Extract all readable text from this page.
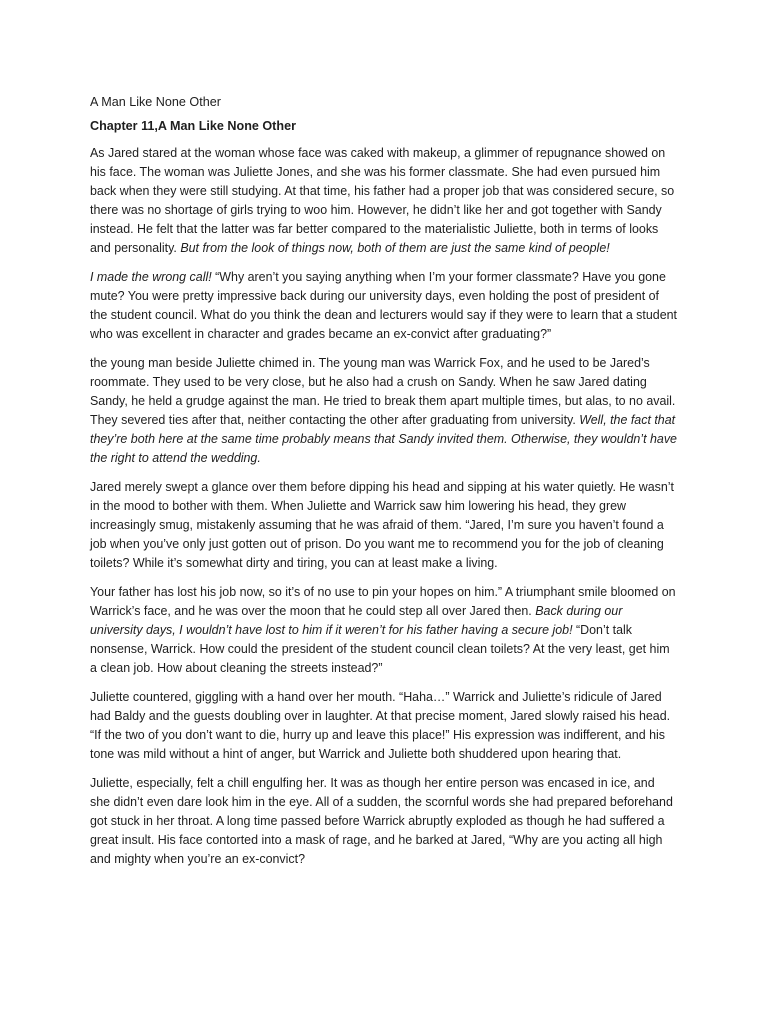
A Man Like None Other

Chapter 11,A Man Like None Other

As Jared stared at the woman whose face was caked with makeup, a glimmer of repugnance showed on his face. The woman was Juliette Jones, and she was his former classmate. She had even pursued him back when they were still studying. At that time, his father had a proper job that was considered secure, so there was no shortage of girls trying to woo him. However, he didn’t like her and got together with Sandy instead. He felt that the latter was far better compared to the materialistic Juliette, both in terms of looks and personality. But from the look of things now, both of them are just the same kind of people!

I made the wrong call! “Why aren’t you saying anything when I’m your former classmate? Have you gone mute? You were pretty impressive back during our university days, even holding the post of president of the student council. What do you think the dean and lecturers would say if they were to learn that a student who was excellent in character and grades became an ex-convict after graduating?”

the young man beside Juliette chimed in. The young man was Warrick Fox, and he used to be Jared’s roommate. They used to be very close, but he also had a crush on Sandy. When he saw Jared dating Sandy, he held a grudge against the man. He tried to break them apart multiple times, but alas, to no avail. They severed ties after that, neither contacting the other after graduating from university. Well, the fact that they’re both here at the same time probably means that Sandy invited them. Otherwise, they wouldn’t have the right to attend the wedding.

Jared merely swept a glance over them before dipping his head and sipping at his water quietly. He wasn’t in the mood to bother with them. When Juliette and Warrick saw him lowering his head, they grew increasingly smug, mistakenly assuming that he was afraid of them. “Jared, I’m sure you haven’t found a job when you’ve only just gotten out of prison. Do you want me to recommend you for the job of cleaning toilets? While it’s somewhat dirty and tiring, you can at least make a living.

Your father has lost his job now, so it’s of no use to pin your hopes on him.” A triumphant smile bloomed on Warrick’s face, and he was over the moon that he could step all over Jared then. Back during our university days, I wouldn’t have lost to him if it weren’t for his father having a secure job! “Don’t talk nonsense, Warrick. How could the president of the student council clean toilets? At the very least, get him a clean job. How about cleaning the streets instead?”

Juliette countered, giggling with a hand over her mouth. “Haha…” Warrick and Juliette’s ridicule of Jared had Baldy and the guests doubling over in laughter. At that precise moment, Jared slowly raised his head. “If the two of you don’t want to die, hurry up and leave this place!” His expression was indifferent, and his tone was mild without a hint of anger, but Warrick and Juliette both shuddered upon hearing that.

Juliette, especially, felt a chill engulfing her. It was as though her entire person was encased in ice, and she didn’t even dare look him in the eye. All of a sudden, the scornful words she had prepared beforehand got stuck in her throat. A long time passed before Warrick abruptly exploded as though he had suffered a great insult. His face contorted into a mask of rage, and he barked at Jared, “Why are you acting all high and mighty when you’re an ex-convict?
